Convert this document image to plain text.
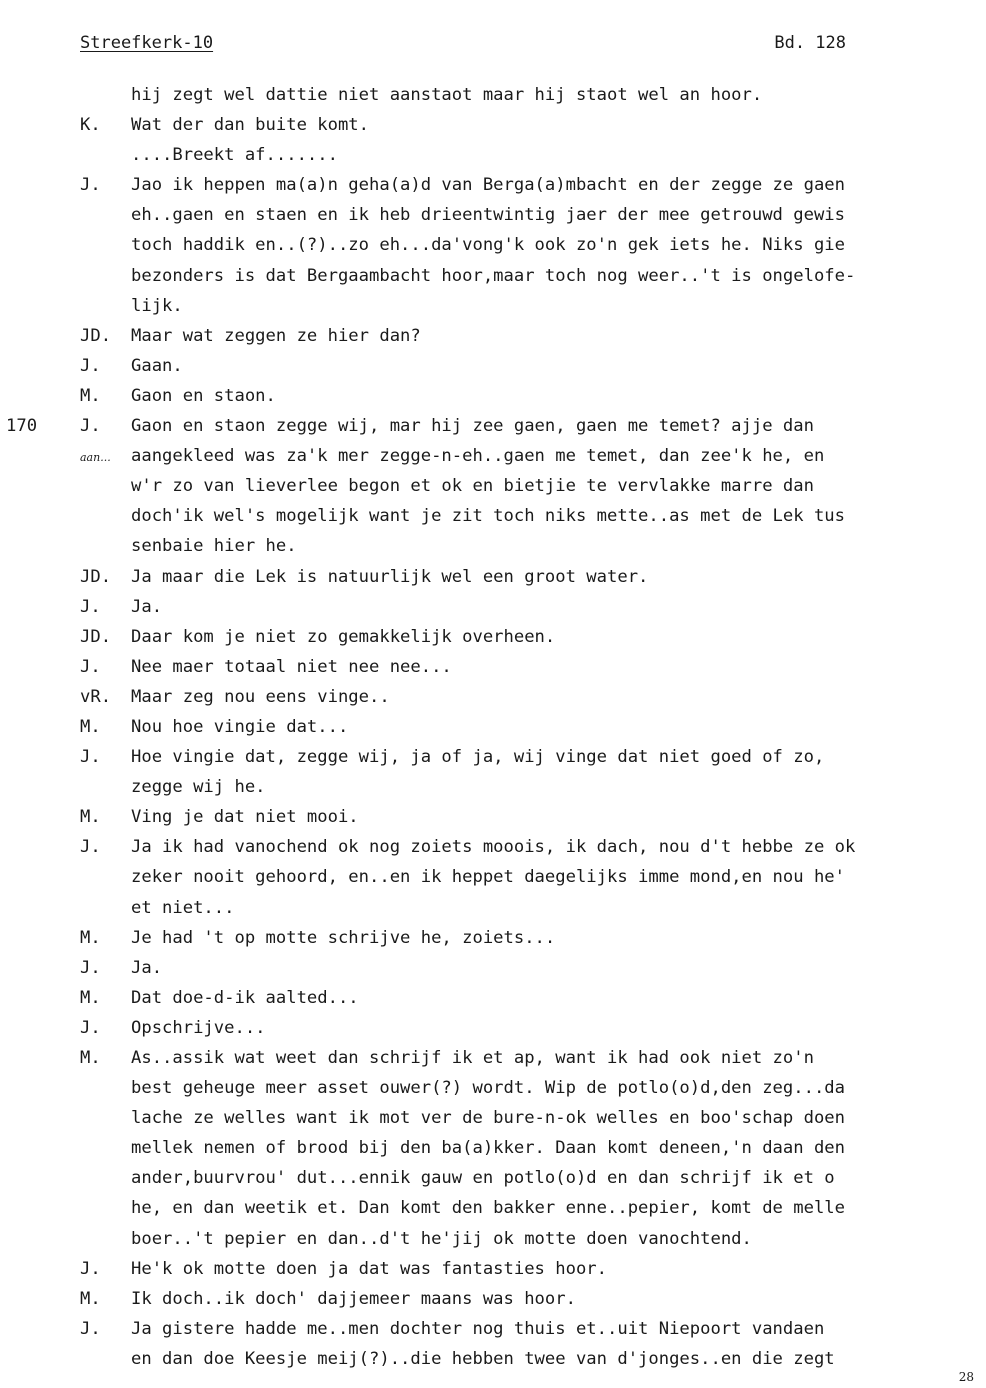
Streefkerk-10	Bd. 128
hij zegt wel dattie niet aanstaot maar hij staot wel an hoor.
K.	Wat der dan buite komt.
....Breekt af.......
J.	Jao ik heppen ma(a)n geha(a)d van Berga(a)mbacht en der zegge ze gaen
eh..gaen en staen en ik heb drieentwintig jaer der mee getrouwd gewis
toch haddik en..(?)..zo eh...da'vong'k ook zo'n gek iets he. Niks gie
bezonders is dat Bergaambacht hoor,maar toch nog weer..'t is ongelofe-
lijk.
JD.	Maar wat zeggen ze hier dan?
J.	Gaan.
M.	Gaon en staon.
170	J.	Gaon en staon zegge wij, mar hij zee gaen, gaen me temet? ajje dan
aan... aangekleed was za'k mer zegge-n-eh..gaen me temet, dan zee'k he, en
w'r zo van lieverlee begon et ok en bietjie te vervlakke marre dan
doch'ik wel's mogelijk want je zit toch niks mette..as met de Lek tus
senbaie hier he.
JD.	Ja maar die Lek is natuurlijk wel een groot water.
J.	Ja.
JD.	Daar kom je niet zo gemakkelijk overheen.
J.	Nee maer totaal niet nee nee...
vR.	Maar zeg nou eens vinge..
M.	Nou hoe vingie dat...
J.	Hoe vingie dat, zegge wij, ja of ja, wij vinge dat niet goed of zo,
zegge wij he.
M.	Ving je dat niet mooi.
J.	Ja ik had vanochend ok nog zoiets mooois, ik dach, nou d't hebbe ze ok
zeker nooit gehoord, en..en ik heppet daegelijks imme mond,en nou he'
et niet...
M.	Je had 't op motte schrijve he, zoiets...
J.	Ja.
M.	Dat doe-d-ik aalted...
J.	Opschrijve...
M.	As..assik wat weet dan schrijf ik et ap, want ik had ook niet zo'n
best geheuge meer asset ouwer(?) wordt. Wip de potlo(o)d,den zeg...da
lache ze welles want ik mot ver de bure-n-ok welles en boo'schap doen
mellek nemen of brood bij den ba(a)kker. Daan komt deneen,'n daan den
ander,buurvrou' dut...ennik gauw en potlo(o)d en dan schrijf ik et o
he, en dan weetik et. Dan komt den bakker enne..pepier, komt de melle
boer..'t pepier en dan..d't he'jij ok motte doen vanochtend.
J.	He'k ok motte doen ja dat was fantasties hoor.
M.	Ik doch..ik doch' dajjemeer maans was hoor.
J.	Ja gistere hadde me..men dochter nog thuis et..uit Niepoort vandaen
en dan doe Keesje meij(?)..die hebben twee van d'jonges..en die zegt
28
